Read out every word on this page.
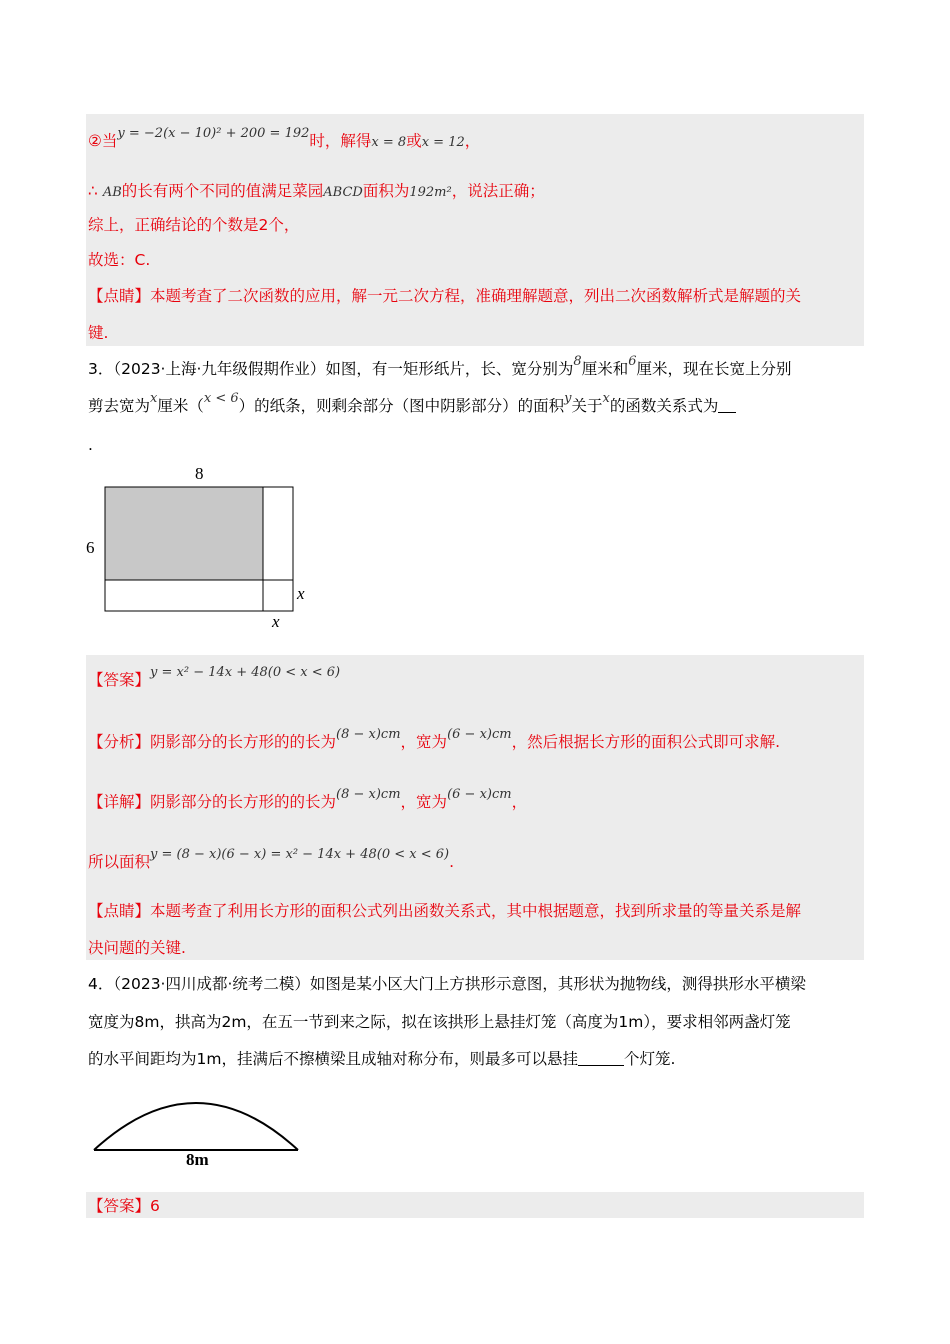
②当$^{y = -2(x - 10)^2 + 200 = 192}$时，解得x = 8或x = 12，
∴ AB的长有两个不同的值满足菜园ABCD面积为192m²，说法正确；
综上，正确结论的个数是2个，
故选：C.
【点睛】本题考查了二次函数的应用，解一元二次方程，准确理解题意，列出二次函数解析式是解题的关
键.
3．（2023·上海·九年级假期作业）如图，有一矩形纸片，长、宽分别为$^8$厘米和$^6$厘米，现在长宽上分别
剪去宽为$^x$厘米（$^{x < 6}$）的纸条，则剩余部分（图中阴影部分）的面积$^y$关于$^x$的函数关系式为
.
8
6
x
x
【答案】$^{y = x^2 - 14x + 48(0 < x < 6)}$
【分析】阴影部分的长方形的的长为$^{(8 - x)cm}$，宽为$^{(6 - x)cm}$，然后根据长方形的面积公式即可求解.
【详解】阴影部分的长方形的的长为$^{(8 - x)cm}$，宽为$^{(6 - x)cm}$，
所以面积$^{y = (8 - x)(6 - x) = x^2 - 14x + 48(0 < x < 6)}$.
【点睛】本题考查了利用长方形的面积公式列出函数关系式，其中根据题意，找到所求量的等量关系是解
决问题的关键.
4．（2023·四川成都·统考二模）如图是某小区大门上方拱形示意图，其形状为抛物线，测得拱形水平横梁
宽度为8m，拱高为2m，在五一节到来之际，拟在该拱形上悬挂灯笼（高度为1m），要求相邻两盏灯笼
的水平间距均为1m，挂满后不擦横梁且成轴对称分布，则最多可以悬挂	个灯笼.
8m
【答案】6
